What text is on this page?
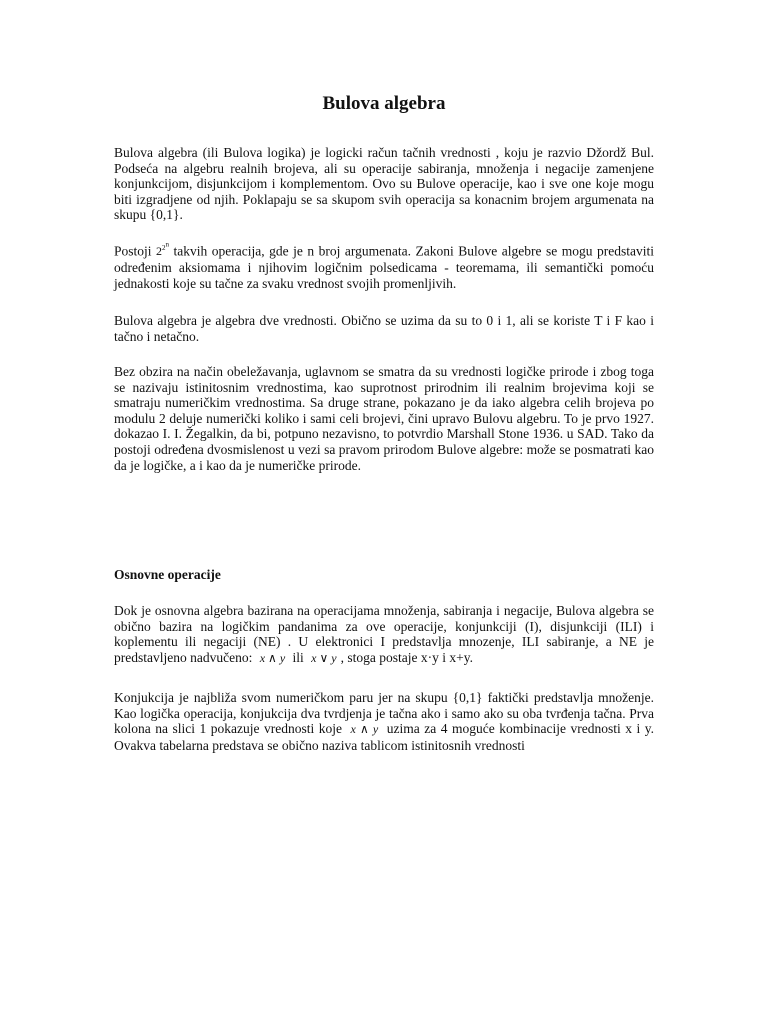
Bulova algebra

Bulova algebra (ili Bulova logika) je logicki račun tačnih vrednosti , koju je razvio Džordž Bul. Podseća na algebru realnih brojeva, ali su operacije sabiranja, množenja i negacije zamenjene konjunkcijom, disjunkcijom i komplementom. Ovo su Bulove operacije, kao i sve one koje mogu biti izgradjene od njih. Poklapaju se sa skupom svih operacija sa konacnim brojem argumenata na skupu {0,1}.

Postoji $2^{2^n}$ takvih operacija, gde je n broj argumenata. Zakoni Bulove algebre se mogu predstaviti određenim aksiomama i njihovim logičnim polsedicama - teoremama, ili semantički pomoću jednakosti koje su tačne za svaku vrednost svojih promenljivih.

Bulova algebra je algebra dve vrednosti. Obično se uzima da su to 0 i 1, ali se koriste T i F kao i tačno i netačno.

Bez obzira na način obeležavanja, uglavnom se smatra da su vrednosti logičke prirode i zbog toga se nazivaju istinitosnim vrednostima, kao suprotnost prirodnim ili realnim brojevima koji se smatraju numeričkim vrednostima. Sa druge strane, pokazano je da iako algebra celih brojeva po modulu 2 deluje numerički koliko i sami celi brojevi, čini upravo Bulovu algebru. To je prvo 1927. dokazao I. I. Žegalkin, da bi, potpuno nezavisno, to potvrdio Marshall Stone 1936. u SAD. Tako da postoji određena dvosmislenost u vezi sa pravom prirodom Bulove algebre: može se posmatrati kao da je logičke, a i kao da je numeričke prirode.

Osnovne operacije

Dok je osnovna algebra bazirana na operacijama množenja, sabiranja i negacije, Bulova algebra se obično bazira na logičkim pandanima za ove operacije, konjunkciji (I), disjunkciji (ILI) i koplementu ili negaciji (NE) . U elektronici I predstavlja mnozenje, ILI sabiranje, a NE je predstavljeno nadvučeno: x ∧ y ili x ∨ y , stoga postaje x·y i x+y.

Konjukcija je najbliža svom numeričkom paru jer na skupu {0,1} faktički predstavlja množenje. Kao logička operacija, konjukcija dva tvrdjenja je tačna ako i samo ako su oba tvrđenja tačna. Prva kolona na slici 1 pokazuje vrednosti koje x ∧ y uzima za 4 moguće kombinacije vrednosti x i y. Ovakva tabelarna predstava se obično naziva tablicom istinitosnih vrednosti
